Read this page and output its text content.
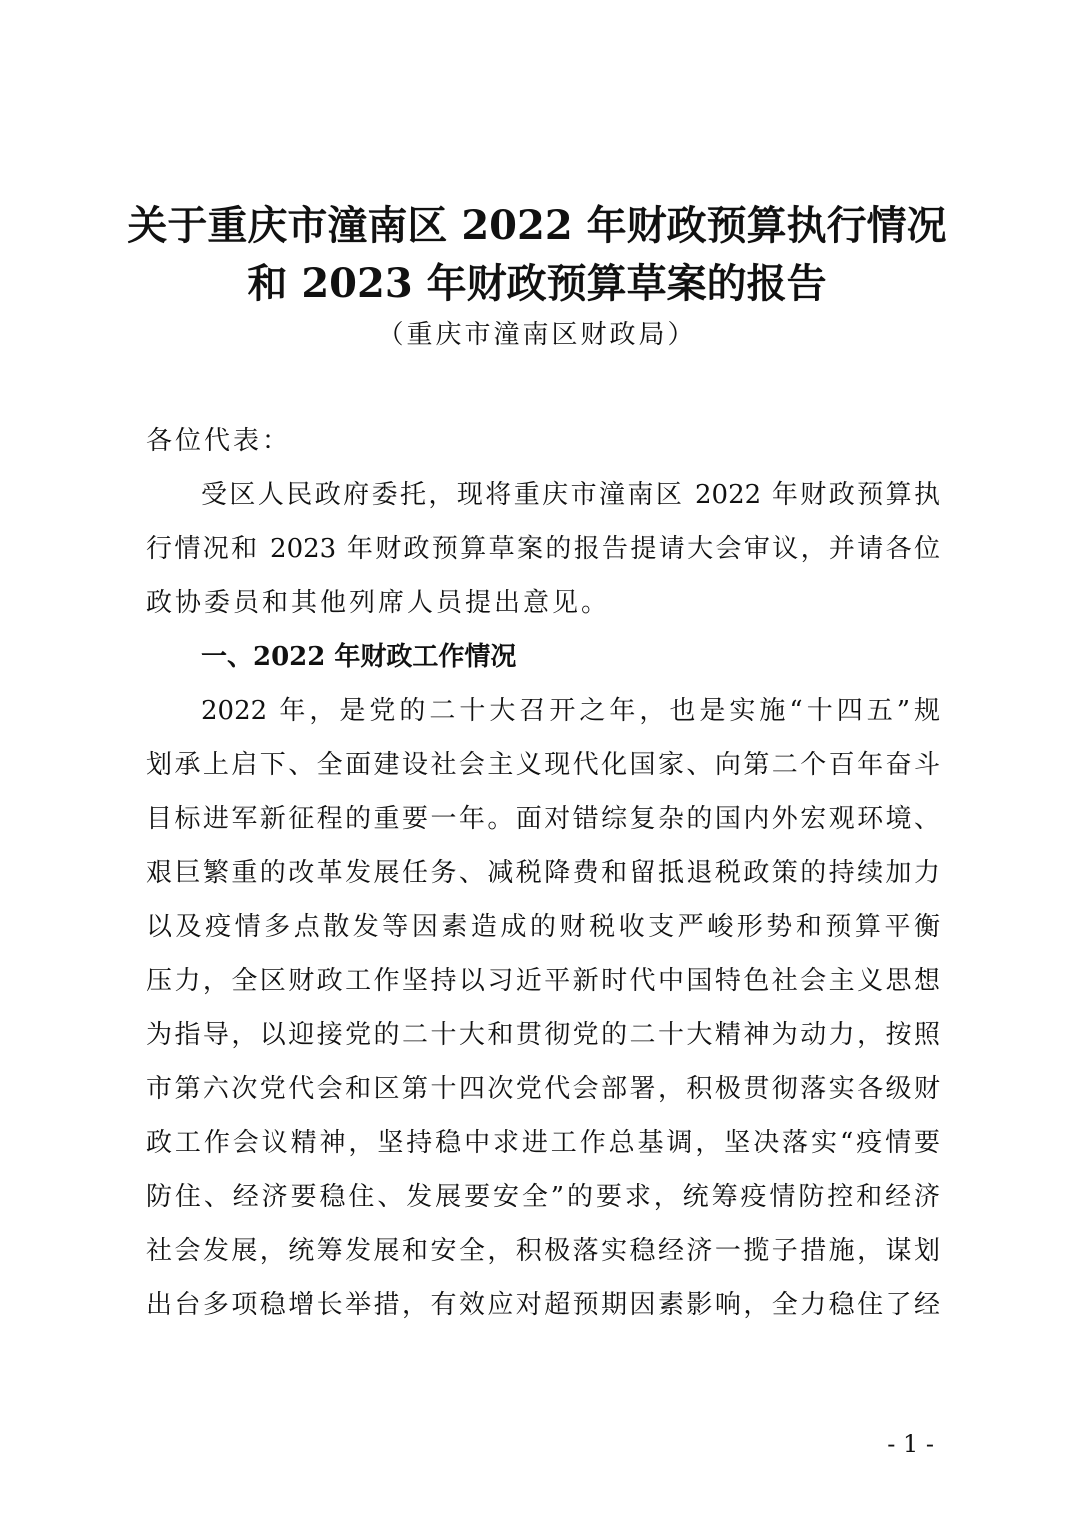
关于重庆市潼南区 2022 年财政预算执行情况
和 2023 年财政预算草案的报告
（重庆市潼南区财政局）
各位代表：
受区人民政府委托，现将重庆市潼南区 2022 年财政预算执
行情况和 2023 年财政预算草案的报告提请大会审议，并请各位
政协委员和其他列席人员提出意见。
一、2022 年财政工作情况
2022 年，是党的二十大召开之年，也是实施“十四五”规
划承上启下、全面建设社会主义现代化国家、向第二个百年奋斗
目标进军新征程的重要一年。面对错综复杂的国内外宏观环境、
艰巨繁重的改革发展任务、减税降费和留抵退税政策的持续加力
以及疫情多点散发等因素造成的财税收支严峻形势和预算平衡
压力，全区财政工作坚持以习近平新时代中国特色社会主义思想
为指导，以迎接党的二十大和贯彻党的二十大精神为动力，按照
市第六次党代会和区第十四次党代会部署，积极贯彻落实各级财
政工作会议精神，坚持稳中求进工作总基调，坚决落实“疫情要
防住、经济要稳住、发展要安全”的要求，统筹疫情防控和经济
社会发展，统筹发展和安全，积极落实稳经济一揽子措施，谋划
出台多项稳增长举措，有效应对超预期因素影响，全力稳住了经
- 1 -
